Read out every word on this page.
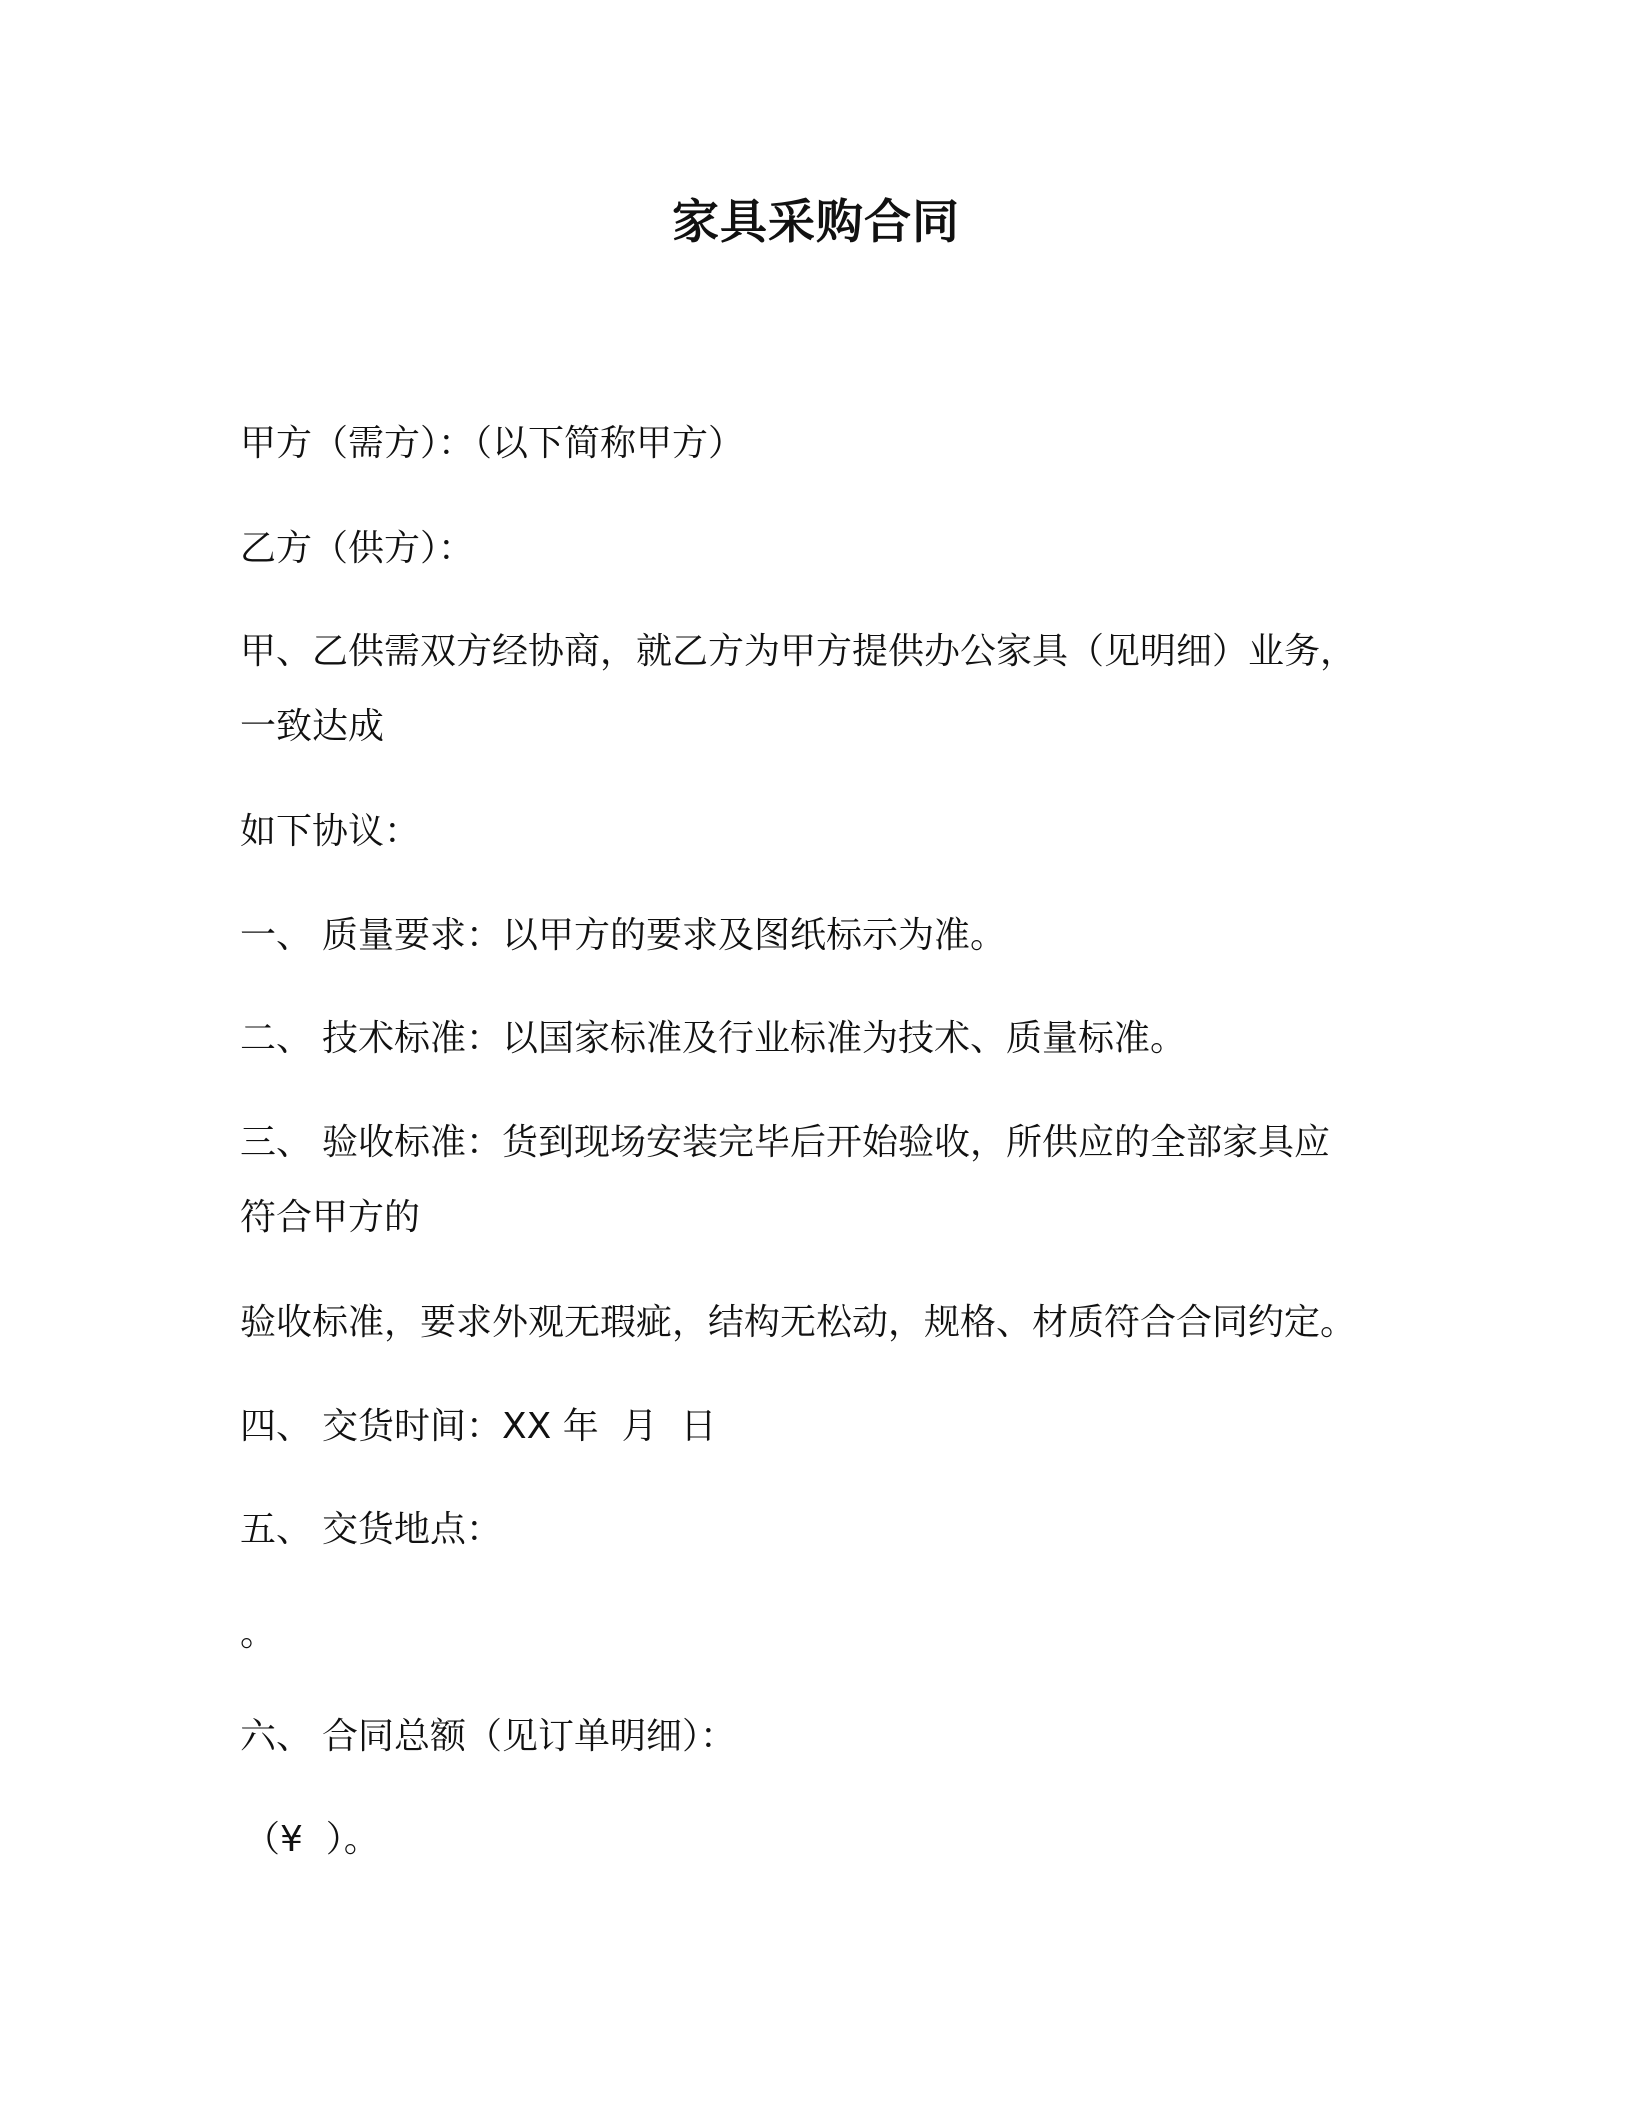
家具采购合同

甲方（需方）：（以下简称甲方）

乙方（供方）：

甲、乙供需双方经协商，就乙方为甲方提供办公家具（见明细）业务，

一致达成

如下协议：

一、 质量要求：以甲方的要求及图纸标示为准。

二、 技术标准：以国家标准及行业标准为技术、质量标准。

三、 验收标准：货到现场安装完毕后开始验收，所供应的全部家具应

符合甲方的

验收标准，要求外观无瑕疵，结构无松动，规格、材质符合合同约定。

四、 交货时间：XX 年  月  日

五、 交货地点：

。

六、 合同总额（见订单明细）：

（¥  ）。
